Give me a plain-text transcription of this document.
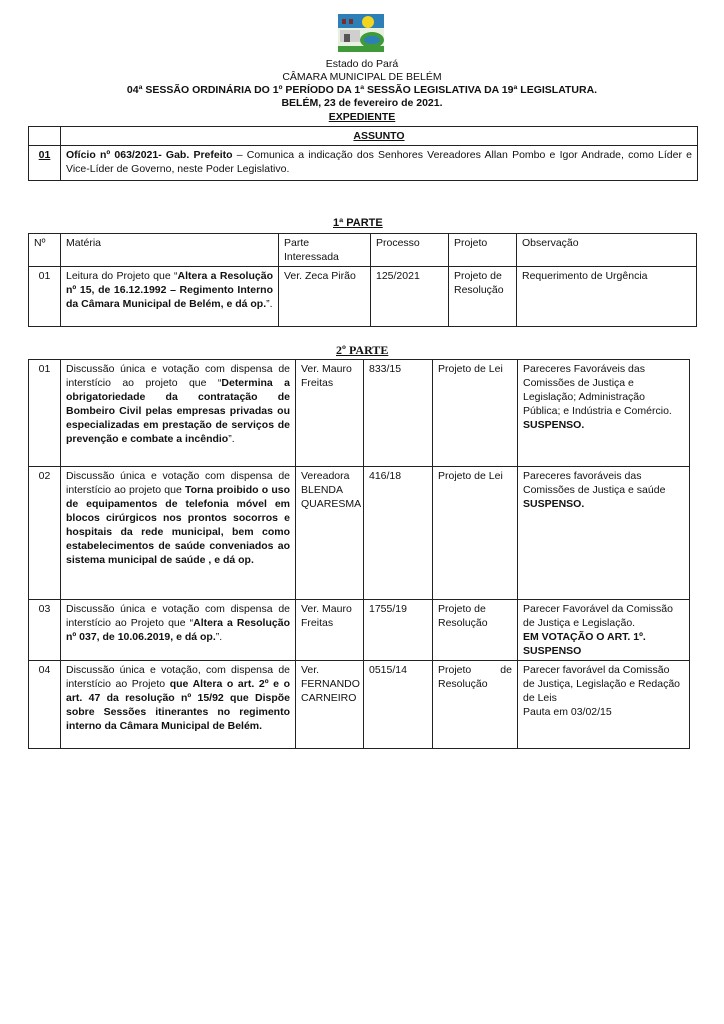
Estado do Pará
CÂMARA MUNICIPAL DE BELÉM
04ª SESSÃO ORDINÁRIA DO 1º PERÍODO DA 1ª SESSÃO LEGISLATIVA DA 19ª LEGISLATURA.
BELÉM, 23 de fevereiro de 2021.
EXPEDIENTE
	ASSUNTO
01	Ofício nº 063/2021- Gab. Prefeito – Comunica a indicação dos Senhores Vereadores Allan Pombo e Igor Andrade, como Líder e Vice-Líder de Governo, neste Poder Legislativo.
1ª PARTE
Nº	Matéria	Parte Interessada	Processo	Projeto	Observação
01	Leitura do Projeto que “Altera a Resolução nº 15, de 16.12.1992 – Regimento Interno da Câmara Municipal de Belém, e dá op.”.	Ver. Zeca Pirão	125/2021	Projeto de Resolução	Requerimento de Urgência
2º PARTE
01	Discussão única e votação com dispensa de interstício ao projeto que “Determina a obrigatoriedade da contratação de Bombeiro Civil pelas empresas privadas ou especializadas em prestação de serviços de prevenção e combate a incêndio”.	Ver. Mauro Freitas	833/15	Projeto de Lei	Pareceres Favoráveis das Comissões de Justiça e Legislação; Administração Pública; e Indústria e Comércio.
SUSPENSO.
02	Discussão única e votação com dispensa de interstício ao projeto que Torna proibido o uso de equipamentos de telefonia móvel em blocos cirúrgicos nos prontos socorros e hospitais da rede municipal, bem como estabelecimentos de saúde conveniados ao sistema municipal de saúde , e dá op.	Vereadora BLENDA QUARESMA	416/18	Projeto de Lei	Pareceres favoráveis das Comissões de Justiça e saúde
SUSPENSO.
03	Discussão única e votação com dispensa de interstício ao Projeto que “Altera a Resolução nº 037, de 10.06.2019, e dá op.”.	Ver. Mauro Freitas	1755/19	Projeto de Resolução	Parecer Favorável da Comissão de Justiça e Legislação.
EM VOTAÇÃO O ART. 1º. SUSPENSO
04	Discussão única e votação, com dispensa de interstício ao Projeto que Altera o art. 2º e o art. 47 da resolução nº 15/92 que Dispõe sobre Sessões itinerantes no regimento interno da Câmara Municipal de Belém.	Ver. FERNANDO CARNEIRO	0515/14	Projeto de Resolução	Parecer favorável da Comissão de Justiça, Legislação e Redação de Leis
Pauta em 03/02/15
